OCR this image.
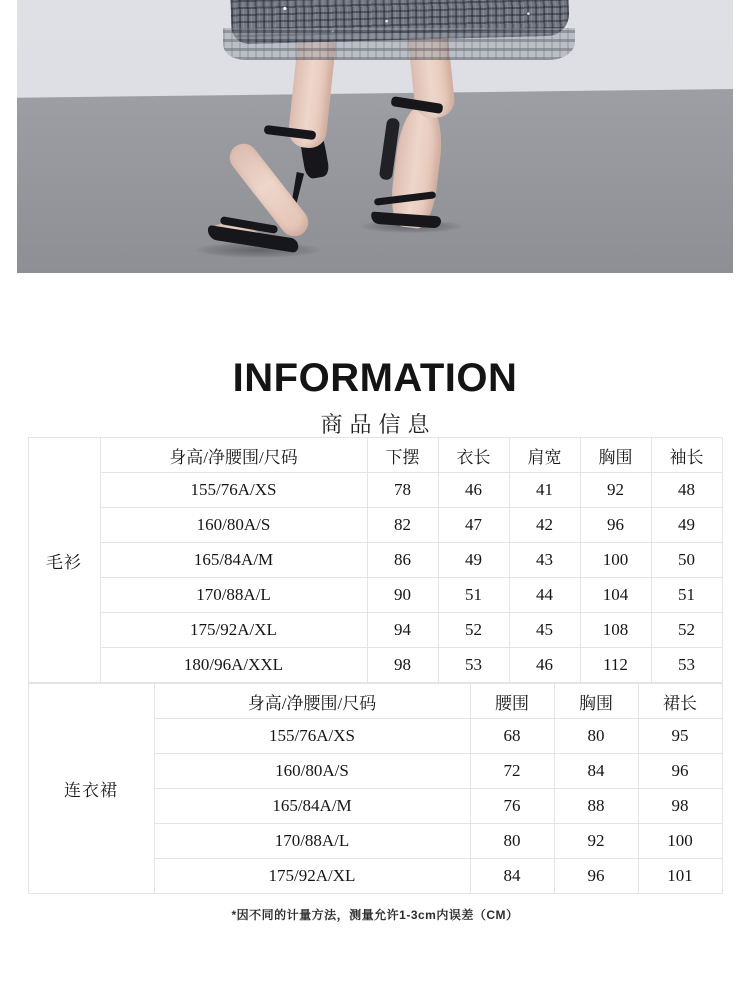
INFORMATION
商品信息
毛衫	身高/净腰围/尺码	下摆	衣长	肩宽	胸围	袖长
	155/76A/XS	78	46	41	92	48
	160/80A/S	82	47	42	96	49
	165/84A/M	86	49	43	100	50
	170/88A/L	90	51	44	104	51
	175/92A/XL	94	52	45	108	52
	180/96A/XXL	98	53	46	112	53
连衣裙	身高/净腰围/尺码	腰围	胸围	裙长
	155/76A/XS	68	80	95
	160/80A/S	72	84	96
	165/84A/M	76	88	98
	170/88A/L	80	92	100
	175/92A/XL	84	96	101
*因不同的计量方法，测量允许1-3cm内误差（CM）
